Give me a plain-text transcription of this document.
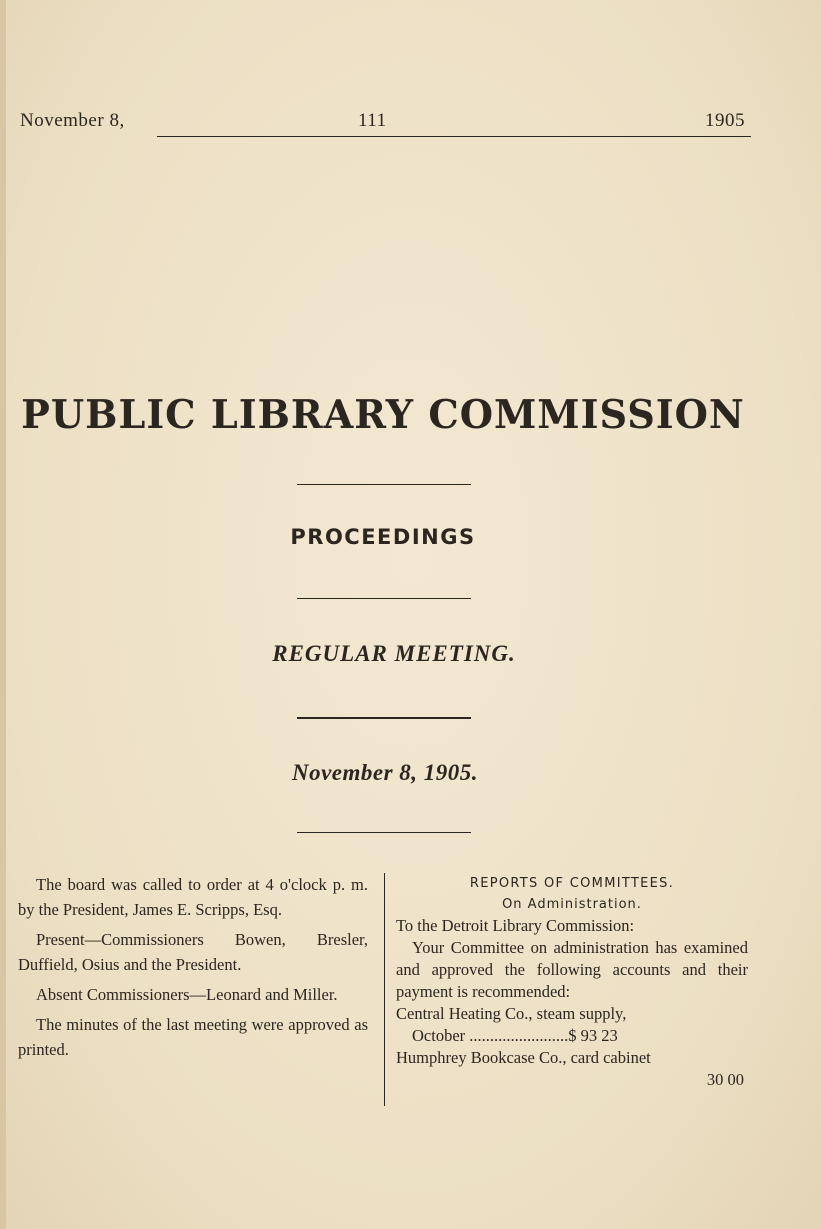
November 8,	111	1905
PUBLIC LIBRARY COMMISSION
PROCEEDINGS
REGULAR MEETING.
November 8, 1905.

The board was called to order at 4 o'clock p. m. by the President, James E. Scripps, Esq.

Present—Commissioners Bowen, Bresler, Duffield, Osius and the President.

Absent Commissioners—Leonard and Miller.

The minutes of the last meeting were approved as printed.

REPORTS OF COMMITTEES.
On Administration.

To the Detroit Library Commission:

Your Committee on administration has examined and approved the following accounts and their payment is recommended:

Central Heating Co., steam supply,
October ........................$ 93 23
Humphrey Bookcase Co., card cabinet
30 00
